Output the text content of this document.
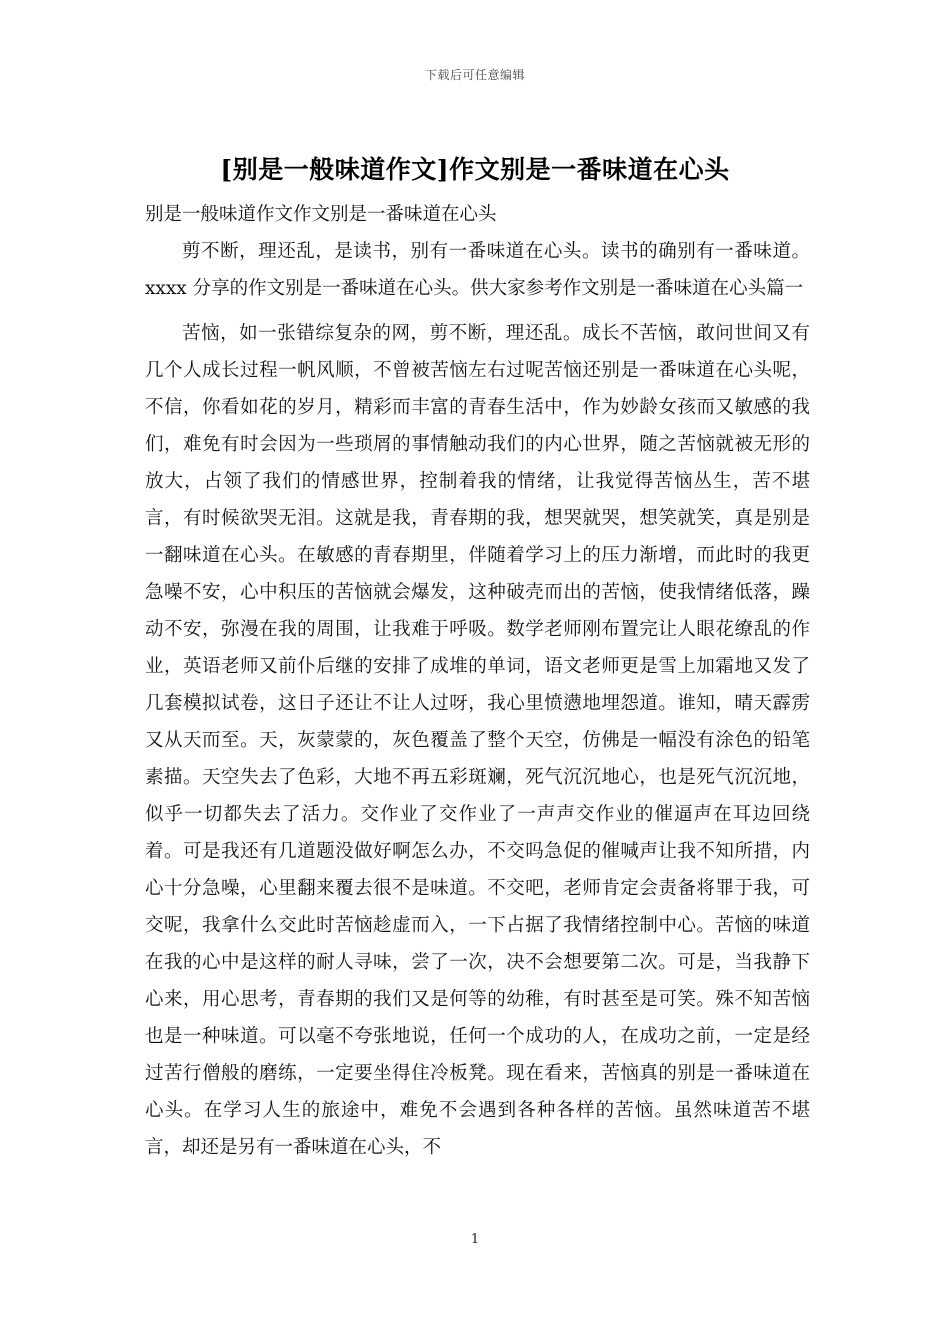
下载后可任意编辑
[别是一般味道作文]作文别是一番味道在心头

别是一般味道作文作文别是一番味道在心头

剪不断，理还乱，是读书，别有一番味道在心头。读书的确别有一番味道。xxxx 分享的作文别是一番味道在心头。供大家参考作文别是一番味道在心头篇一

苦恼，如一张错综复杂的网，剪不断，理还乱。成长不苦恼，敢问世间又有几个人成长过程一帆风顺，不曾被苦恼左右过呢苦恼还别是一番味道在心头呢，不信，你看如花的岁月，精彩而丰富的青春生活中，作为妙龄女孩而又敏感的我们，难免有时会因为一些琐屑的事情触动我们的内心世界，随之苦恼就被无形的放大，占领了我们的情感世界，控制着我的情绪，让我觉得苦恼丛生，苦不堪言，有时候欲哭无泪。这就是我，青春期的我，想哭就哭，想笑就笑，真是别是一翻味道在心头。在敏感的青春期里，伴随着学习上的压力渐增，而此时的我更急噪不安，心中积压的苦恼就会爆发，这种破壳而出的苦恼，使我情绪低落，躁动不安，弥漫在我的周围，让我难于呼吸。数学老师刚布置完让人眼花缭乱的作业，英语老师又前仆后继的安排了成堆的单词，语文老师更是雪上加霜地又发了几套模拟试卷，这日子还让不让人过呀，我心里愤懑地埋怨道。谁知，晴天霹雳又从天而至。天，灰蒙蒙的，灰色覆盖了整个天空，仿佛是一幅没有涂色的铅笔素描。天空失去了色彩，大地不再五彩斑斓，死气沉沉地心，也是死气沉沉地，似乎一切都失去了活力。交作业了交作业了一声声交作业的催逼声在耳边回绕着。可是我还有几道题没做好啊怎么办，不交吗急促的催喊声让我不知所措，内心十分急噪，心里翻来覆去很不是味道。不交吧，老师肯定会责备将罪于我，可交呢，我拿什么交此时苦恼趁虚而入，一下占据了我情绪控制中心。苦恼的味道在我的心中是这样的耐人寻味，尝了一次，决不会想要第二次。可是，当我静下心来，用心思考，青春期的我们又是何等的幼稚，有时甚至是可笑。殊不知苦恼也是一种味道。可以毫不夸张地说，任何一个成功的人，在成功之前，一定是经过苦行僧般的磨练，一定要坐得住冷板凳。现在看来，苦恼真的别是一番味道在心头。在学习人生的旅途中，难免不会遇到各种各样的苦恼。虽然味道苦不堪言，却还是另有一番味道在心头，不

1
